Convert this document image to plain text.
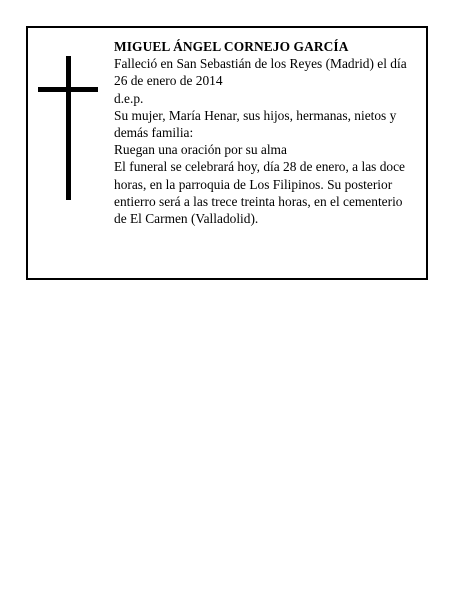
MIGUEL ÁNGEL CORNEJO GARCÍA

Falleció en San Sebastián de los Reyes (Madrid) el día 26 de enero de 2014

d.e.p.

Su mujer, María Henar, sus hijos, hermanas, nietos y demás familia:

Ruegan una oración por su alma

El funeral se celebrará hoy, día 28 de enero, a las doce horas, en la parroquia de Los Filipinos. Su posterior entierro será a las trece treinta horas, en el cementerio de El Carmen (Valladolid).
